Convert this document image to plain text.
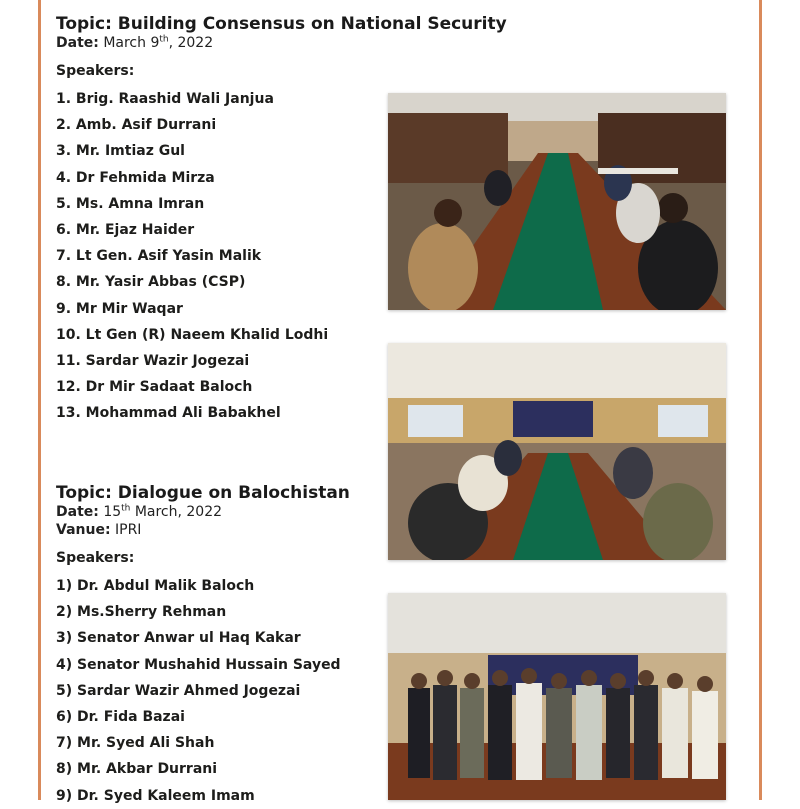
Topic: Building Consensus on National Security
Date: March 9th, 2022
Speakers:
1. Brig. Raashid Wali Janjua
2. Amb. Asif Durrani
3. Mr. Imtiaz Gul
4. Dr Fehmida Mirza
5. Ms. Amna Imran
6. Mr. Ejaz Haider
7. Lt Gen. Asif Yasin Malik
8. Mr. Yasir Abbas (CSP)
9. Mr Mir Waqar
10. Lt Gen (R) Naeem Khalid Lodhi
11. Sardar Wazir Jogezai
12. Dr Mir Sadaat Baloch
13. Mohammad Ali Babakhel
Topic: Dialogue on Balochistan
Date: 15th March, 2022
Vanue: IPRI
Speakers:
1) Dr. Abdul Malik Baloch
2) Ms.Sherry Rehman
3) Senator Anwar ul Haq Kakar
4) Senator Mushahid Hussain Sayed
5) Sardar Wazir Ahmed Jogezai
6) Dr. Fida Bazai
7) Mr. Syed Ali Shah
8) Mr. Akbar Durrani
9) Dr. Syed Kaleem Imam
